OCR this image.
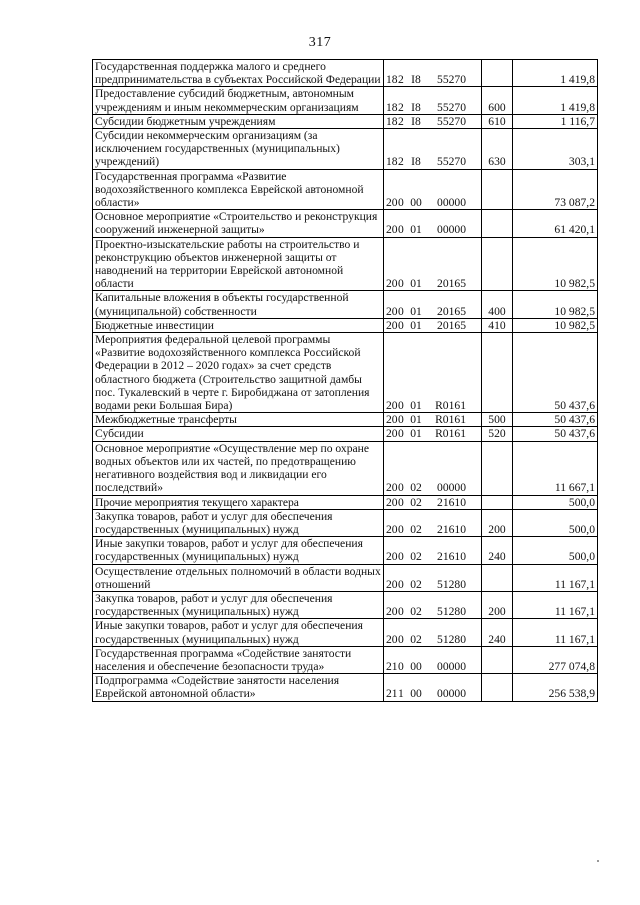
317
Государственная поддержка малого и среднего предпринимательства в субъектах Российской Федерации	182 I8 55270		1 419,8
Предоставление субсидий бюджетным, автономным учреждениям и иным некоммерческим организациям	182 I8 55270	600	1 419,8
Субсидии бюджетным учреждениям	182 I8 55270	610	1 116,7
Субсидии некоммерческим организациям (за исключением государственных (муниципальных) учреждений)	182 I8 55270	630	303,1
Государственная программа «Развитие водохозяйственного комплекса Еврейской автономной области»	200 00 00000		73 087,2
Основное мероприятие «Строительство и реконструкция сооружений инженерной защиты»	200 01 00000		61 420,1
Проектно-изыскательские работы на строительство и реконструкцию объектов инженерной защиты от наводнений на территории Еврейской автономной области	200 01 20165		10 982,5
Капитальные вложения в объекты государственной (муниципальной) собственности	200 01 20165	400	10 982,5
Бюджетные инвестиции	200 01 20165	410	10 982,5
Мероприятия федеральной целевой программы «Развитие водохозяйственного комплекса Российской Федерации в 2012 – 2020 годах» за счет средств областного бюджета (Строительство защитной дамбы пос. Тукалевский в черте г. Биробиджана от затопления водами реки Большая Бира)	200 01 R0161		50 437,6
Межбюджетные трансферты	200 01 R0161	500	50 437,6
Субсидии	200 01 R0161	520	50 437,6
Основное мероприятие «Осуществление мер по охране водных объектов или их частей, по предотвращению негативного воздействия вод и ликвидации его последствий»	200 02 00000		11 667,1
Прочие мероприятия текущего характера	200 02 21610		500,0
Закупка товаров, работ и услуг для обеспечения государственных (муниципальных) нужд	200 02 21610	200	500,0
Иные закупки товаров, работ и услуг для обеспечения государственных (муниципальных) нужд	200 02 21610	240	500,0
Осуществление отдельных полномочий в области водных отношений	200 02 51280		11 167,1
Закупка товаров, работ и услуг для обеспечения государственных (муниципальных) нужд	200 02 51280	200	11 167,1
Иные закупки товаров, работ и услуг для обеспечения государственных (муниципальных) нужд	200 02 51280	240	11 167,1
Государственная программа «Содействие занятости населения и обеспечение безопасности труда»	210 00 00000		277 074,8
Подпрограмма «Содействие занятости населения Еврейской автономной области»	211 00 00000		256 538,9
